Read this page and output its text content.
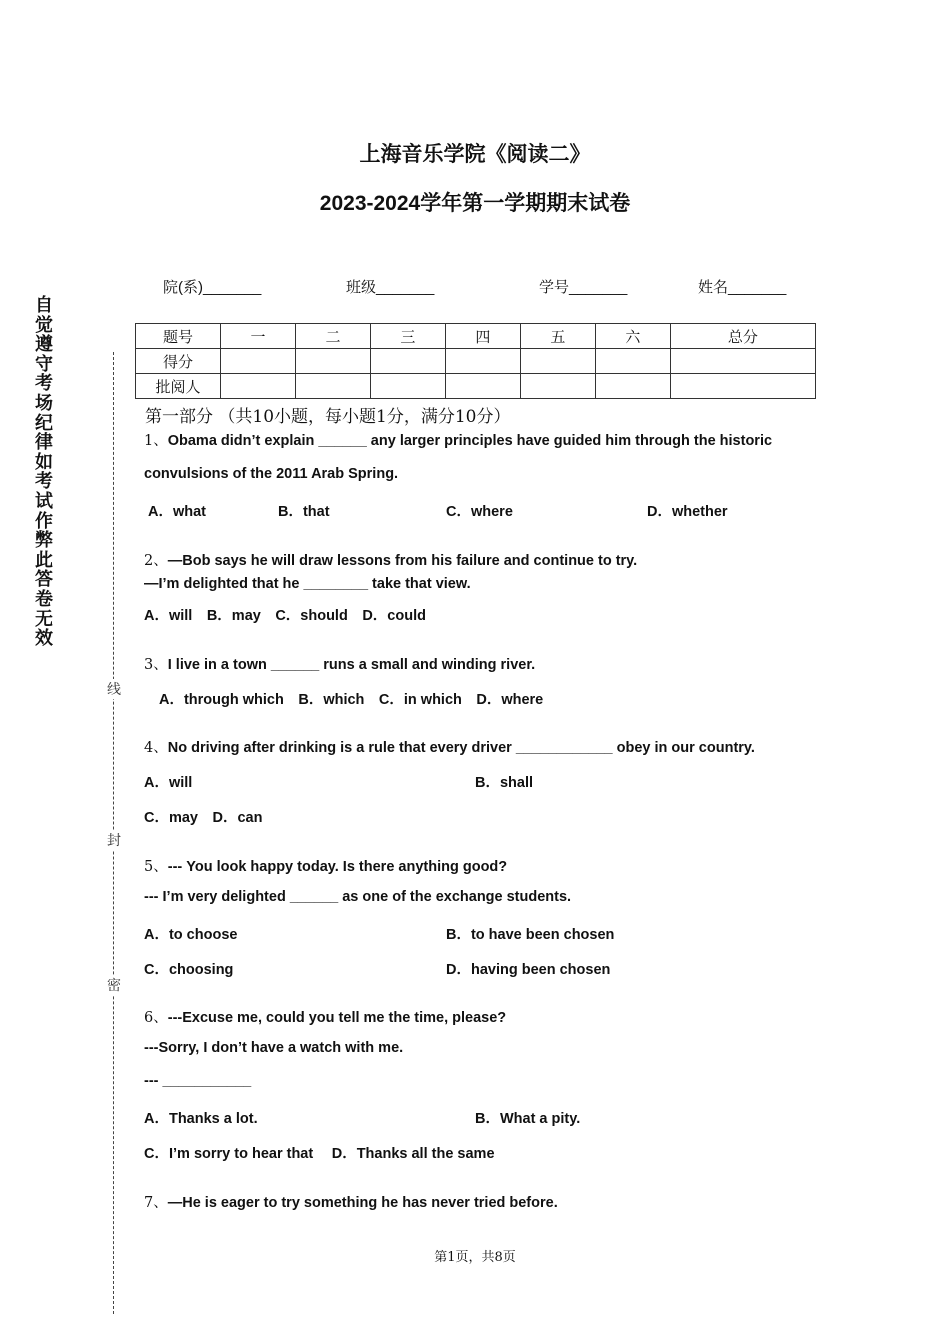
上海音乐学院《阅读二》
2023-2024学年第一学期期末试卷
自觉遵守考场纪律如考试作弊此答卷无效
线
封
密
院(系)_______	班级_______	学号_______	姓名_______
题号	一	二	三	四	五	六	总分
得分							
批阅人							
第一部分 （共10小题，每小题1分，满分10分）
1、Obama didn’t explain ______ any larger principles have guided him through the historic
convulsions of the 2011 Arab Spring.
A．what	B．that	C．where	D．whether
2、—Bob says he will draw lessons from his failure and continue to try.
—I’m delighted that he ________ take that view.
A．will　B．may　C．should　D．could
3、I live in a town ______ runs a small and winding river.
A．through which　B．which　C．in which　D．where
4、No driving after drinking is a rule that every driver ____________ obey in our country.
A．will	B．shall
C．may　D．can
5、--- You look happy today. Is there anything good?
--- I’m very delighted ______ as one of the exchange students.
A．to choose	B．to have been chosen
C．choosing	D．having been chosen
6、---Excuse me, could you tell me the time, please?
---Sorry, I don’t have a watch with me.
--- ___________
A．Thanks a lot.	B．What a pity.
C．I’m sorry to hear that　 D．Thanks all the same
7、—He is eager to try something he has never tried before.
第1页，共8页
